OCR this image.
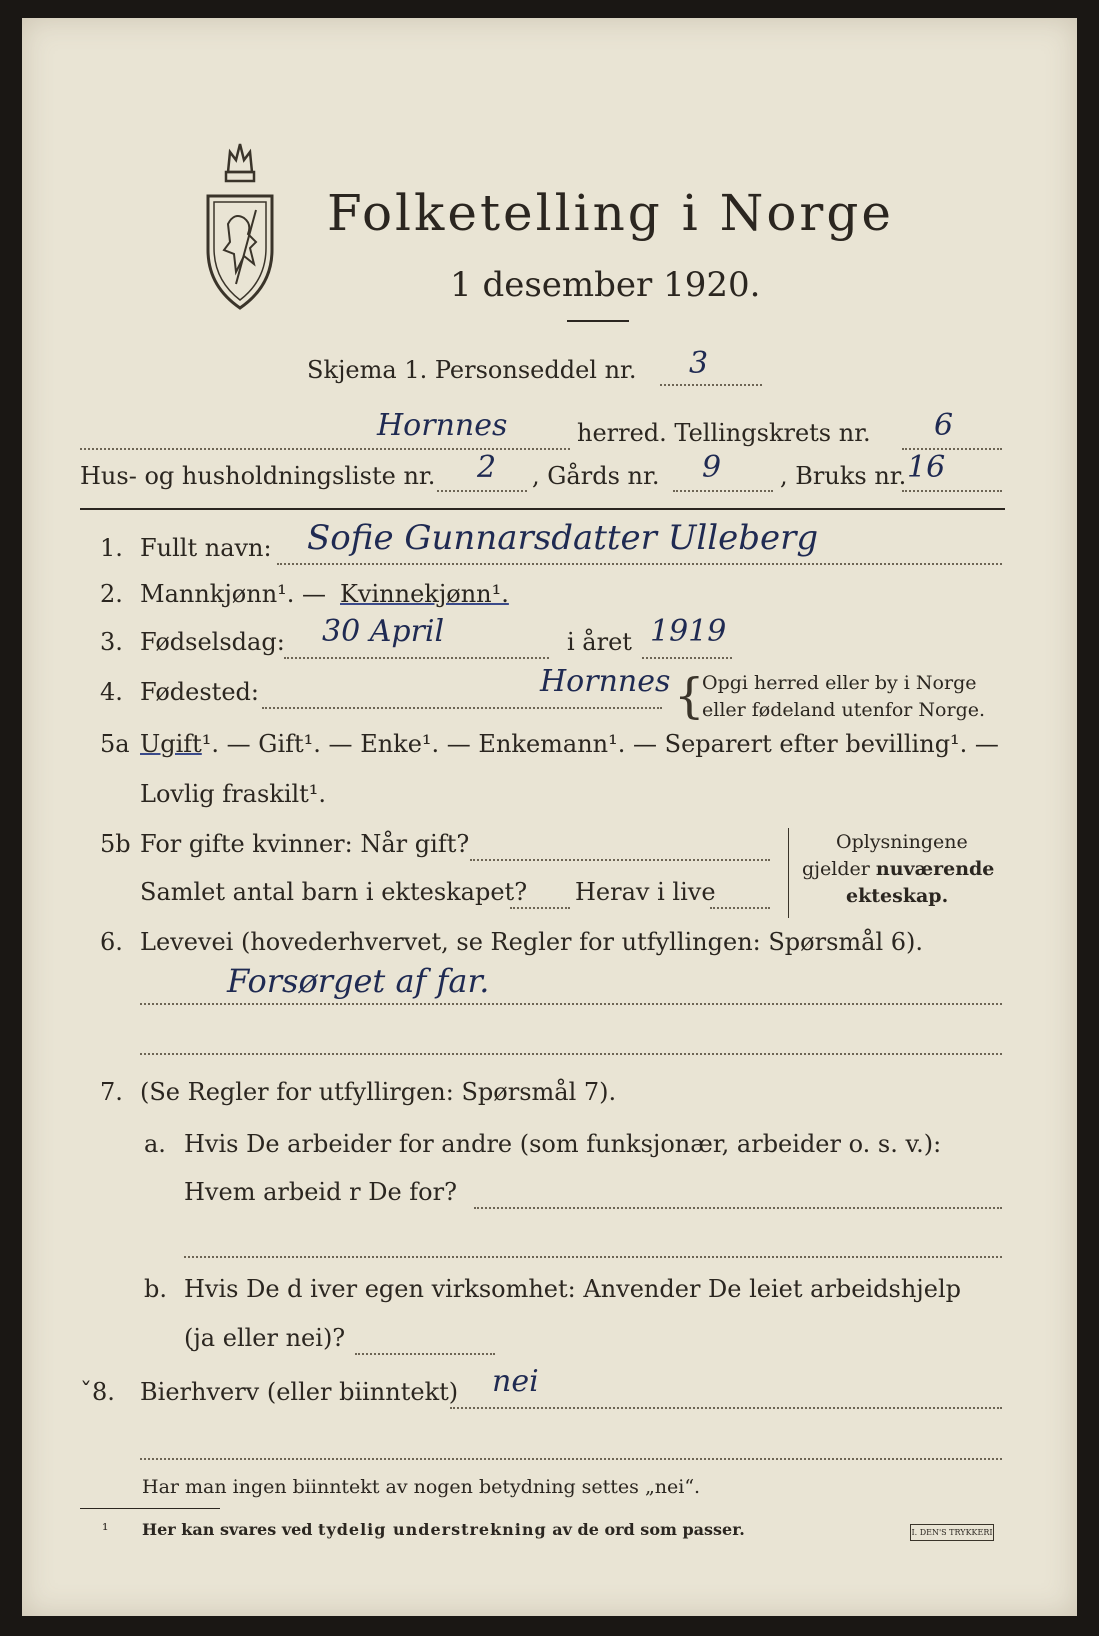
Folketelling i Norge
1 desember 1920.
Skjema 1. Personseddel nr. 3
Hornnes	herred. Tellingskrets nr. 6
Hus- og husholdningsliste nr. 2 , Gårds nr. 9 , Bruks nr. 16
1. Fullt navn: Sofie Gunnarsdatter Ulleberg
2. Mannkjønn¹. — Kvinnekjønn¹.
3. Fødselsdag: 30 April	i året 1919
4. Fødested:	Hornnes {
Opgi herred eller by i Norge
eller fødeland utenfor Norge.
5a Ugift¹. — Gift¹. — Enke¹. — Enkemann¹. — Separert efter bevilling¹. —
Lovlig fraskilt¹.
5b For gifte kvinner: Når gift?
Samlet antal barn i ekteskapet? Herav i live
Oplysningene
gjelder nuværende
ekteskap.
6. Levevei (hovederhvervet, se Regler for utfyllingen: Spørsmål 6).
Forsørget af far.
7. (Se Regler for utfyllirgen: Spørsmål 7).
a. Hvis De arbeider for andre (som funksjonær, arbeider o. s. v.):
Hvem arbeid r De for?
b. Hvis De d iver egen virksomhet: Anvender De leiet arbeidshjelp
(ja eller nei)?
ˇ8. Bierhverv (eller biinntekt) nei
Har man ingen biinntekt av nogen betydning settes „nei“.
¹ Her kan svares ved tydelig understrekning av de ord som passer.	I. DEN'S TRYKKERI
